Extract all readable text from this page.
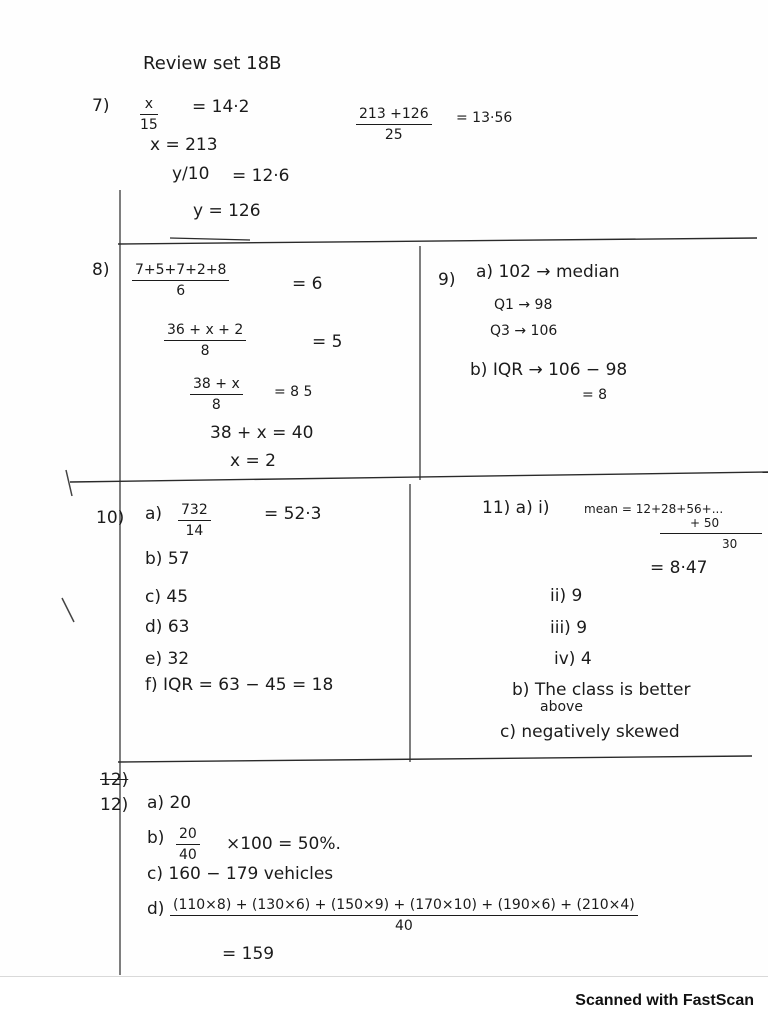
Review set 18B
$7) \frac{x}{15} = 14\cdot 2$
x = 213
y/10 = 12·6
y = 126
$\frac{213 +126}{25} = 13\cdot 56$
$8) \frac{7+5+7+2+8}{6}$	= 6
$\frac{36 + x + 2}{8}$	= 5
$\frac{38 + x}{8} = 8$ 5
38 + x = 40
x = 2
9) a) 102 → median
Q1 → 98
Q3 → 106
b) IQR → 106 − 98
= 8
10) $a) \frac{732}{14}$	= 52·3
b) 57
c) 45
d) 63
e) 32
f) IQR = 63 − 45 = 18
11) a) i)	mean = 12+28+56+...
+ 50
30
= 8·47
ii) 9
iii) 9
iv) 4
b) The class is better
above
c) negatively skewed
12)
12) a) 20
$b) \frac{20}{40} \times 100 = 50\%$.
c) 160 − 179 vehicles
$d) \frac{(110\times 8) + (130\times 6) + (150\times 9) + (170\times 10) + (190\times 6) + (210\times 4)}{40}$
= 159
Scanned with FastScan
